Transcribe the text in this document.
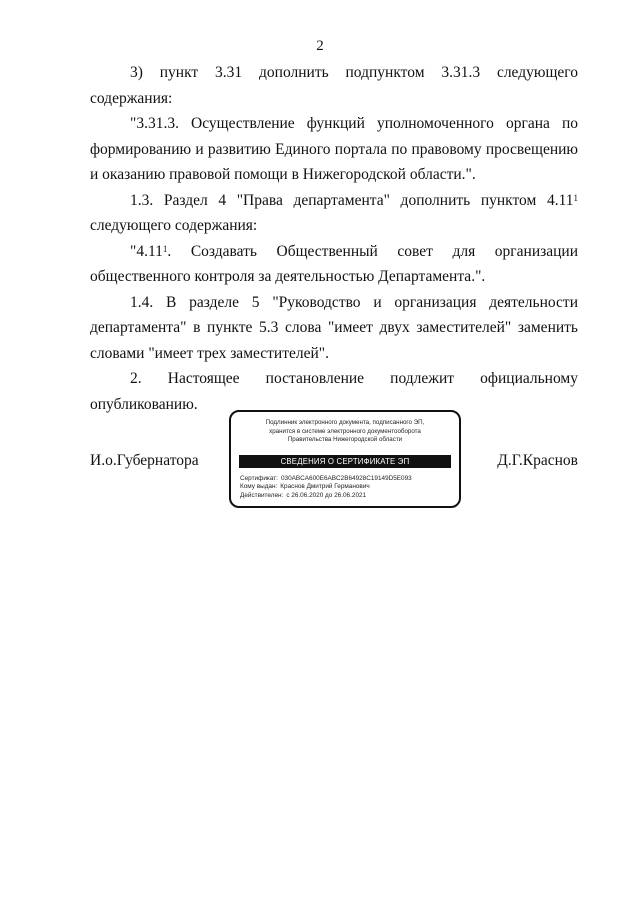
2

3) пункт 3.31 дополнить подпунктом 3.31.3 следующего содержания:

"3.31.3. Осуществление функций уполномоченного органа по формированию и развитию Единого портала по правовому просвещению и оказанию правовой помощи в Нижегородской области.".

1.3. Раздел 4 "Права департамента" дополнить пунктом 4.11$^1$ следующего содержания:

"4.11$^1$. Создавать Общественный совет для организации общественного контроля за деятельностью Департамента.".

1.4. В разделе 5 "Руководство и организация деятельности департамента" в пункте 5.3 слова "имеет двух заместителей" заменить словами "имеет трех заместителей".

2. Настоящее постановление подлежит официальному опубликованию.

И.о.Губернатора
Подлинник электронного документа, подписанного ЭП,
хранится в системе электронного документооборота
Правительства Нижегородской области
СВЕДЕНИЯ О СЕРТИФИКАТЕ ЭП
Сертификат: 030ABCA600E6ABC2B64928C19149D5E093
Кому выдан: Краснов Дмитрий Германович
Действителен: с 26.06.2020 до 26.06.2021
Д.Г.Краснов
